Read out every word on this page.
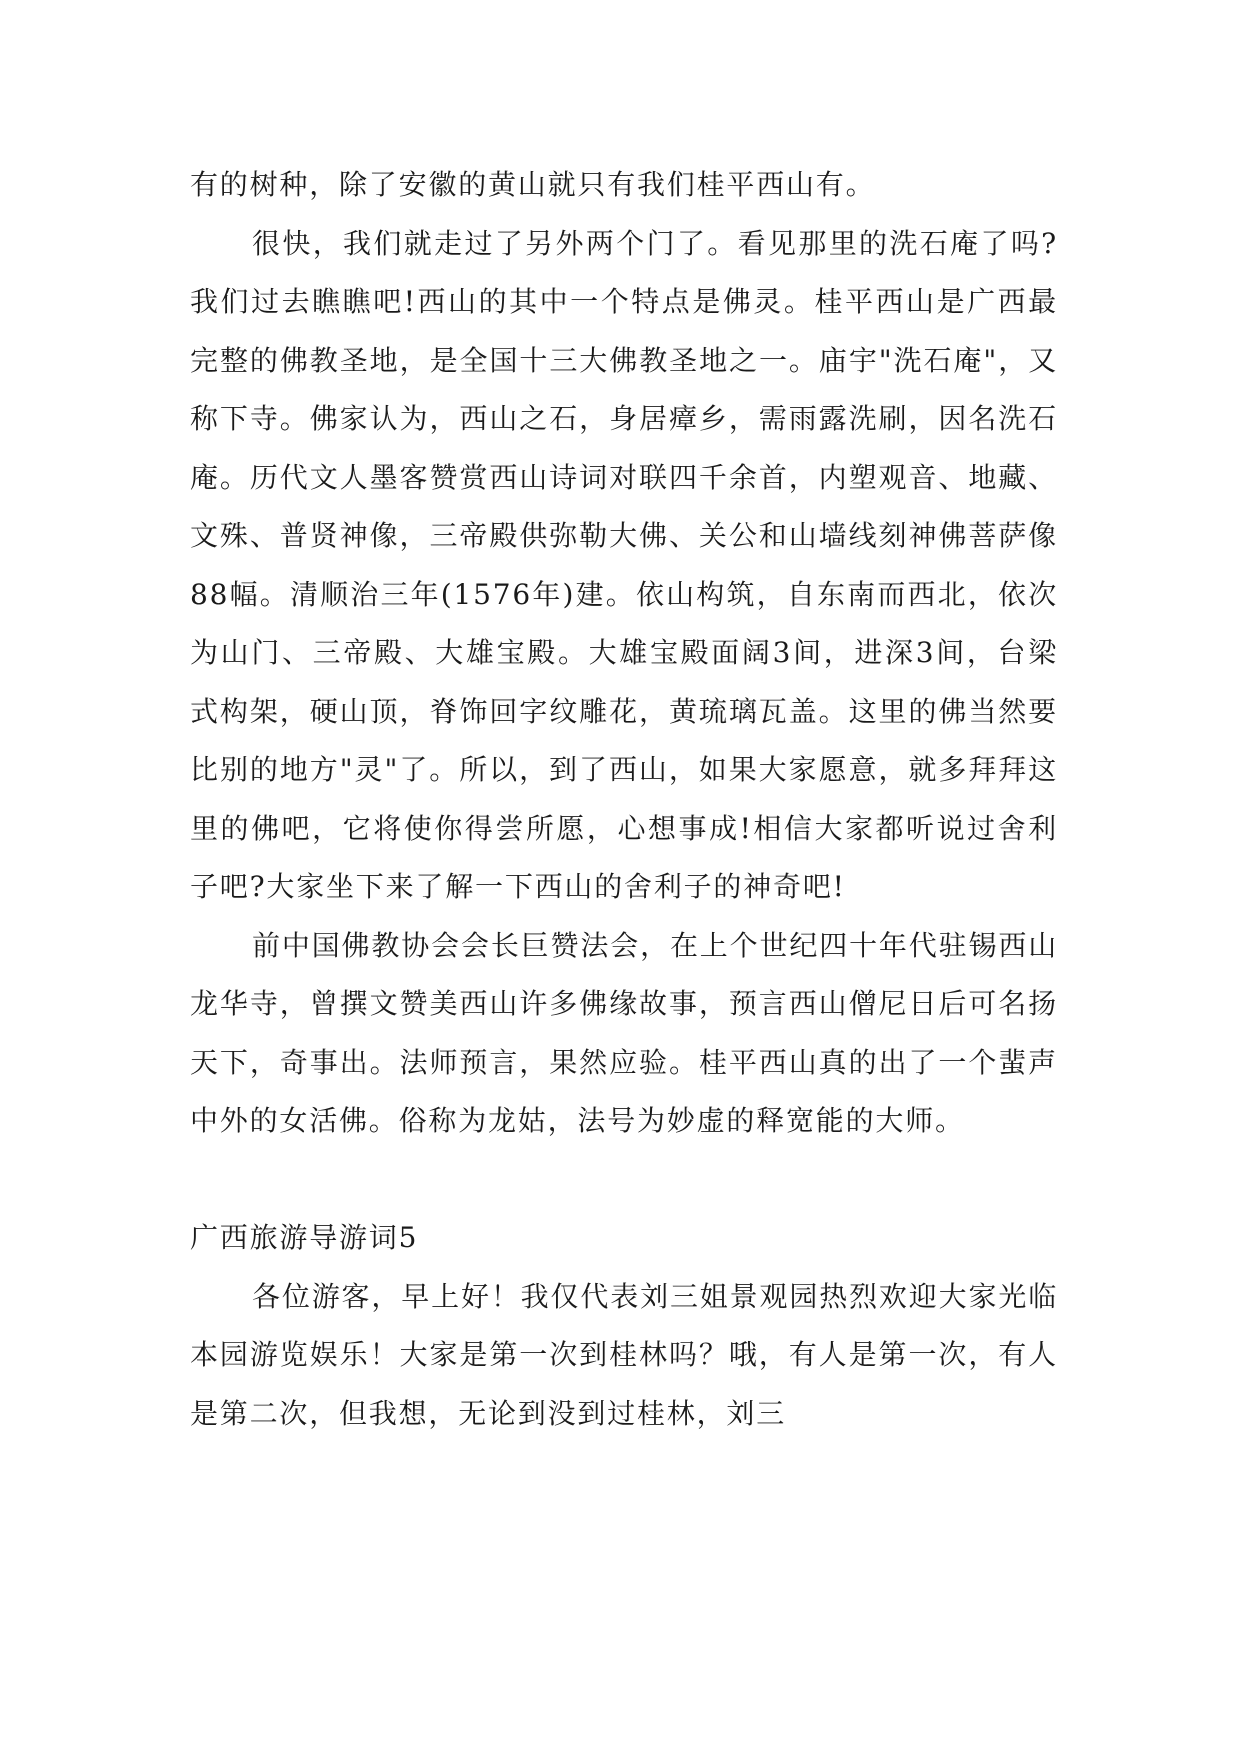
有的树种，除了安徽的黄山就只有我们桂平西山有。

很快，我们就走过了另外两个门了。看见那里的洗石庵了吗?我们过去瞧瞧吧!西山的其中一个特点是佛灵。桂平西山是广西最完整的佛教圣地，是全国十三大佛教圣地之一。庙宇"洗石庵"，又称下寺。佛家认为，西山之石，身居瘴乡，需雨露洗刷，因名洗石庵。历代文人墨客赞赏西山诗词对联四千余首，内塑观音、地藏、文殊、普贤神像，三帝殿供弥勒大佛、关公和山墙线刻神佛菩萨像88幅。清顺治三年(1576年)建。依山构筑，自东南而西北，依次为山门、三帝殿、大雄宝殿。大雄宝殿面阔3间，进深3间，台梁式构架，硬山顶，脊饰回字纹雕花，黄琉璃瓦盖。这里的佛当然要比别的地方"灵"了。所以，到了西山，如果大家愿意，就多拜拜这里的佛吧，它将使你得尝所愿，心想事成!相信大家都听说过舍利子吧?大家坐下来了解一下西山的舍利子的神奇吧!

前中国佛教协会会长巨赞法会，在上个世纪四十年代驻锡西山龙华寺，曾撰文赞美西山许多佛缘故事，预言西山僧尼日后可名扬天下，奇事出。法师预言，果然应验。桂平西山真的出了一个蜚声中外的女活佛。俗称为龙姑，法号为妙虚的释宽能的大师。

广西旅游导游词5

各位游客，早上好！我仅代表刘三姐景观园热烈欢迎大家光临本园游览娱乐！大家是第一次到桂林吗？哦，有人是第一次，有人是第二次，但我想，无论到没到过桂林，刘三
